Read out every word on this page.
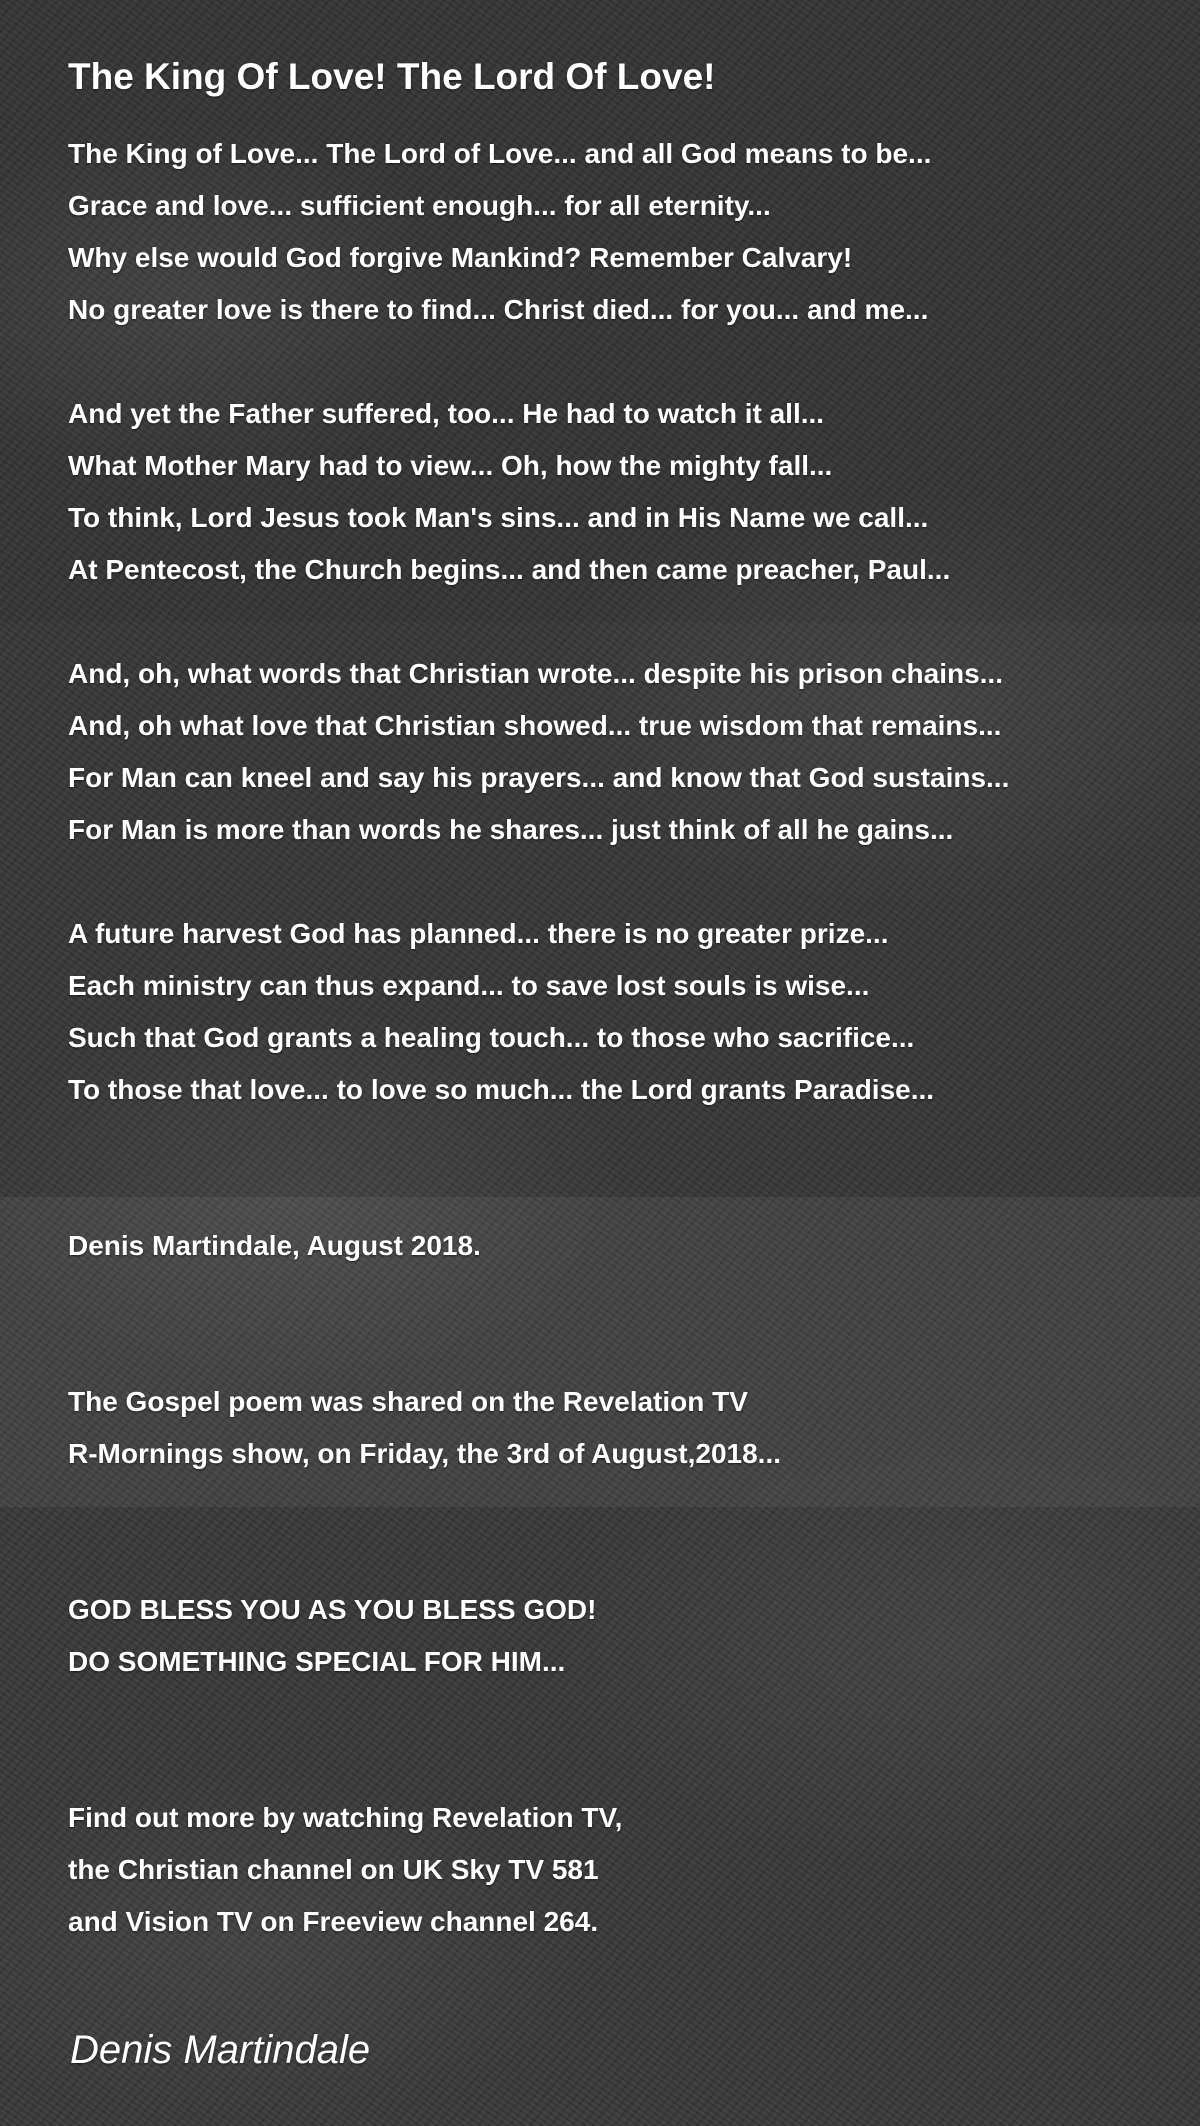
The King Of Love! The Lord Of Love!
The King of Love... The Lord of Love... and all God means to be...
Grace and love... sufficient enough... for all eternity...
Why else would God forgive Mankind? Remember Calvary!
No greater love is there to find... Christ died... for you... and me...
And yet the Father suffered, too... He had to watch it all...
What Mother Mary had to view... Oh, how the mighty fall...
To think, Lord Jesus took Man's sins... and in His Name we call...
At Pentecost, the Church begins... and then came preacher, Paul...
And, oh, what words that Christian wrote... despite his prison chains...
And, oh what love that Christian showed... true wisdom that remains...
For Man can kneel and say his prayers... and know that God sustains...
For Man is more than words he shares... just think of all he gains...
A future harvest God has planned... there is no greater prize...
Each ministry can thus expand... to save lost souls is wise...
Such that God grants a healing touch... to those who sacrifice...
To those that love... to love so much... the Lord grants Paradise...
Denis Martindale, August 2018.
The Gospel poem was shared on the Revelation TV
R-Mornings show, on Friday, the 3rd of August,2018...
GOD BLESS YOU AS YOU BLESS GOD!
DO SOMETHING SPECIAL FOR HIM...
Find out more by watching Revelation TV,
the Christian channel on UK Sky TV 581
and Vision TV on Freeview channel 264.
Denis Martindale
